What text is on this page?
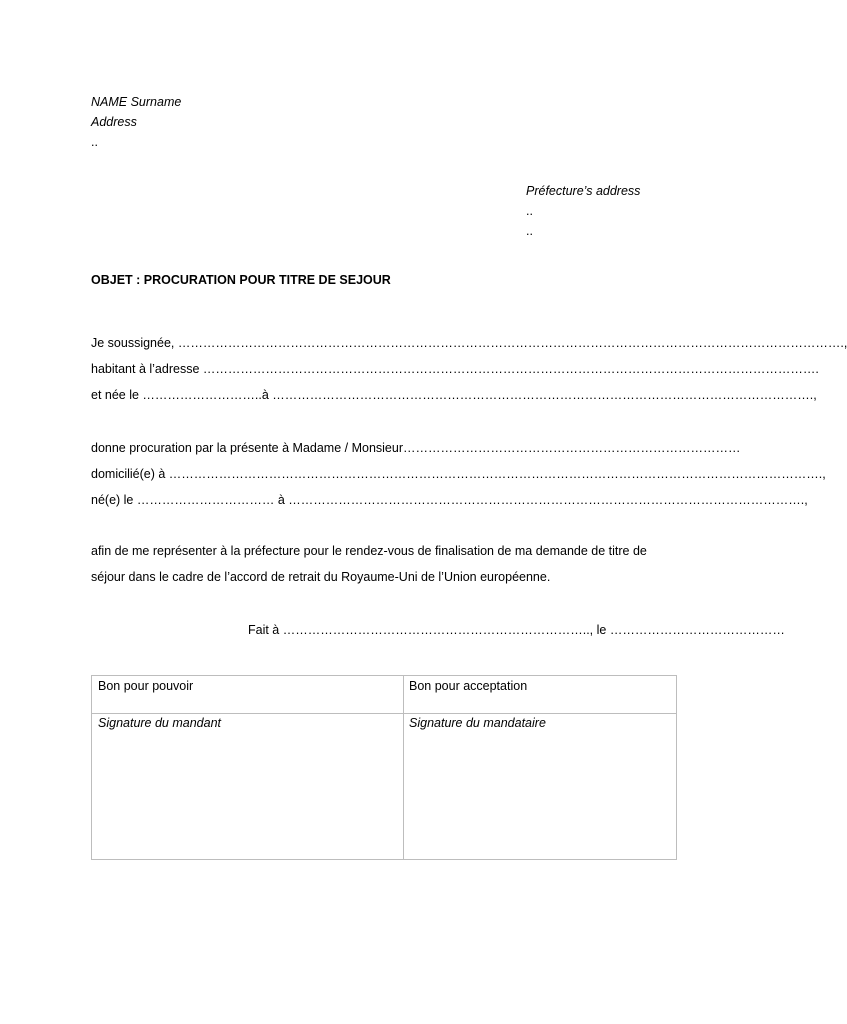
NAME Surname
Address
..
Préfecture’s address
..
..
OBJET : PROCURATION POUR TITRE DE SEJOUR
Je soussignée, …………………………………………………………………………………………………………………………………………….,
habitant à l’adresse ………………………………………………………………………………………………………………………………….
et née le ………………………..à ………………………………………………………………………………………………………………….,
donne procuration par la présente à Madame / Monsieur………………………………………………………………………
domicilié(e) à ………………………………………………………………………………………………………………………………………….,
né(e) le …………………………… à …………………………………………………………………………………………………………….,
afin de me représenter à la préfecture pour le rendez-vous de finalisation de ma demande de titre de
séjour dans le cadre de l’accord de retrait du Royaume-Uni de l’Union européenne.
Fait à ……………………………………………………………….., le ……………………………………
Bon pour pouvoir	Bon pour acceptation
Signature du mandant	Signature du mandataire
